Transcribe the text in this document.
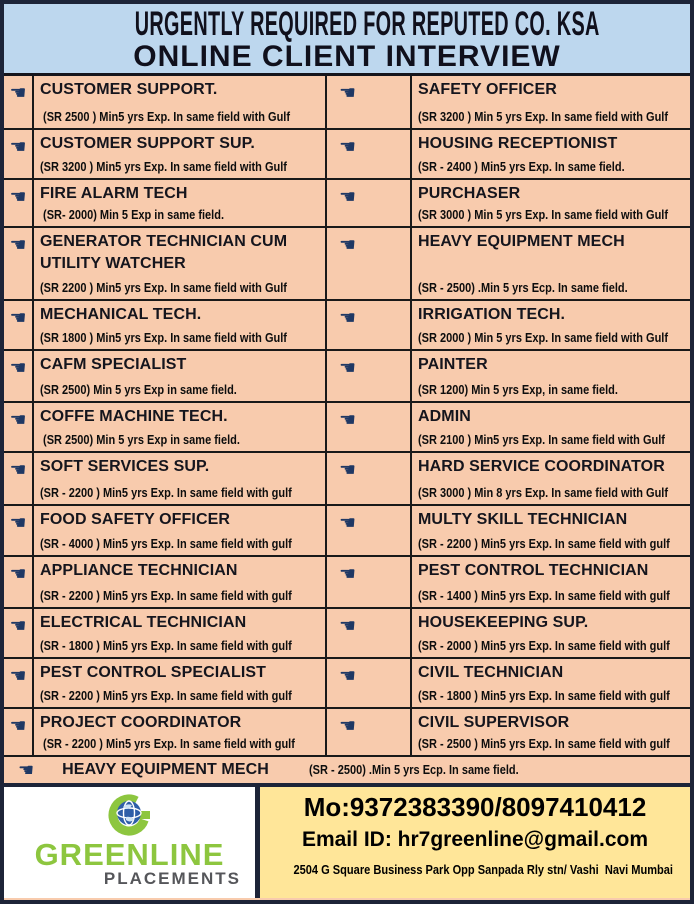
URGENTLY REQUIRED FOR REPUTED CO. KSA
ONLINE CLIENT INTERVIEW
☚ CUSTOMER SUPPORT.
(SR 2500 ) Min5 yrs Exp. In same field with Gulf
☚	SAFETY OFFICER
(SR 3200 ) Min 5 yrs Exp. In same field with Gulf
☚ CUSTOMER SUPPORT SUP.
(SR 3200 ) Min5 yrs Exp. In same field with Gulf
☚	HOUSING RECEPTIONIST
(SR - 2400 ) Min5 yrs Exp. In same field.
☚ FIRE ALARM TECH
(SR- 2000) Min 5 Exp in same field.
☚	PURCHASER
(SR 3000 ) Min 5 yrs Exp. In same field with Gulf
☚ GENERATOR TECHNICIAN CUM UTILITY WATCHER
(SR 2200 ) Min5 yrs Exp. In same field with Gulf
☚	HEAVY EQUIPMENT MECH
(SR - 2500) .Min 5 yrs Ecp. In same field.
☚ MECHANICAL TECH.
(SR 1800 ) Min5 yrs Exp. In same field with Gulf
☚	IRRIGATION TECH.
(SR 2000 ) Min 5 yrs Exp. In same field with Gulf
☚ CAFM SPECIALIST
(SR 2500) Min 5 yrs Exp in same field.
☚	PAINTER
(SR 1200) Min 5 yrs Exp, in same field.
☚ COFFE MACHINE TECH.
(SR 2500) Min 5 yrs Exp in same field.
☚	ADMIN
(SR 2100 ) Min5 yrs Exp. In same field with Gulf
☚ SOFT SERVICES SUP.
(SR - 2200 ) Min5 yrs Exp. In same field with gulf
☚	HARD SERVICE COORDINATOR
(SR 3000 ) Min 8 yrs Exp. In same field with Gulf
☚ FOOD SAFETY OFFICER
(SR - 4000 ) Min5 yrs Exp. In same field with gulf
☚	MULTY SKILL TECHNICIAN
(SR - 2200 ) Min5 yrs Exp. In same field with gulf
☚ APPLIANCE TECHNICIAN
(SR - 2200 ) Min5 yrs Exp. In same field with gulf
☚	PEST CONTROL TECHNICIAN
(SR - 1400 ) Min5 yrs Exp. In same field with gulf
☚ ELECTRICAL TECHNICIAN
(SR - 1800 ) Min5 yrs Exp. In same field with gulf
☚	HOUSEKEEPING SUP.
(SR - 2000 ) Min5 yrs Exp. In same field with gulf
☚ PEST CONTROL SPECIALIST
(SR - 2200 ) Min5 yrs Exp. In same field with gulf
☚	CIVIL TECHNICIAN
(SR - 1800 ) Min5 yrs Exp. In same field with gulf
☚ PROJECT COORDINATOR
(SR - 2200 ) Min5 yrs Exp. In same field with gulf
☚	CIVIL SUPERVISOR
(SR - 2500 ) Min5 yrs Exp. In same field with gulf
☚ HEAVY EQUIPMENT MECH	(SR - 2500) .Min 5 yrs Ecp. In same field.
GREENLINE
PLACEMENTS
Mo:9372383390/8097410412
Email ID: hr7greenline@gmail.com
2504 G Square Business Park Opp Sanpada Rly stn/ Vashi  Navi Mumbai
